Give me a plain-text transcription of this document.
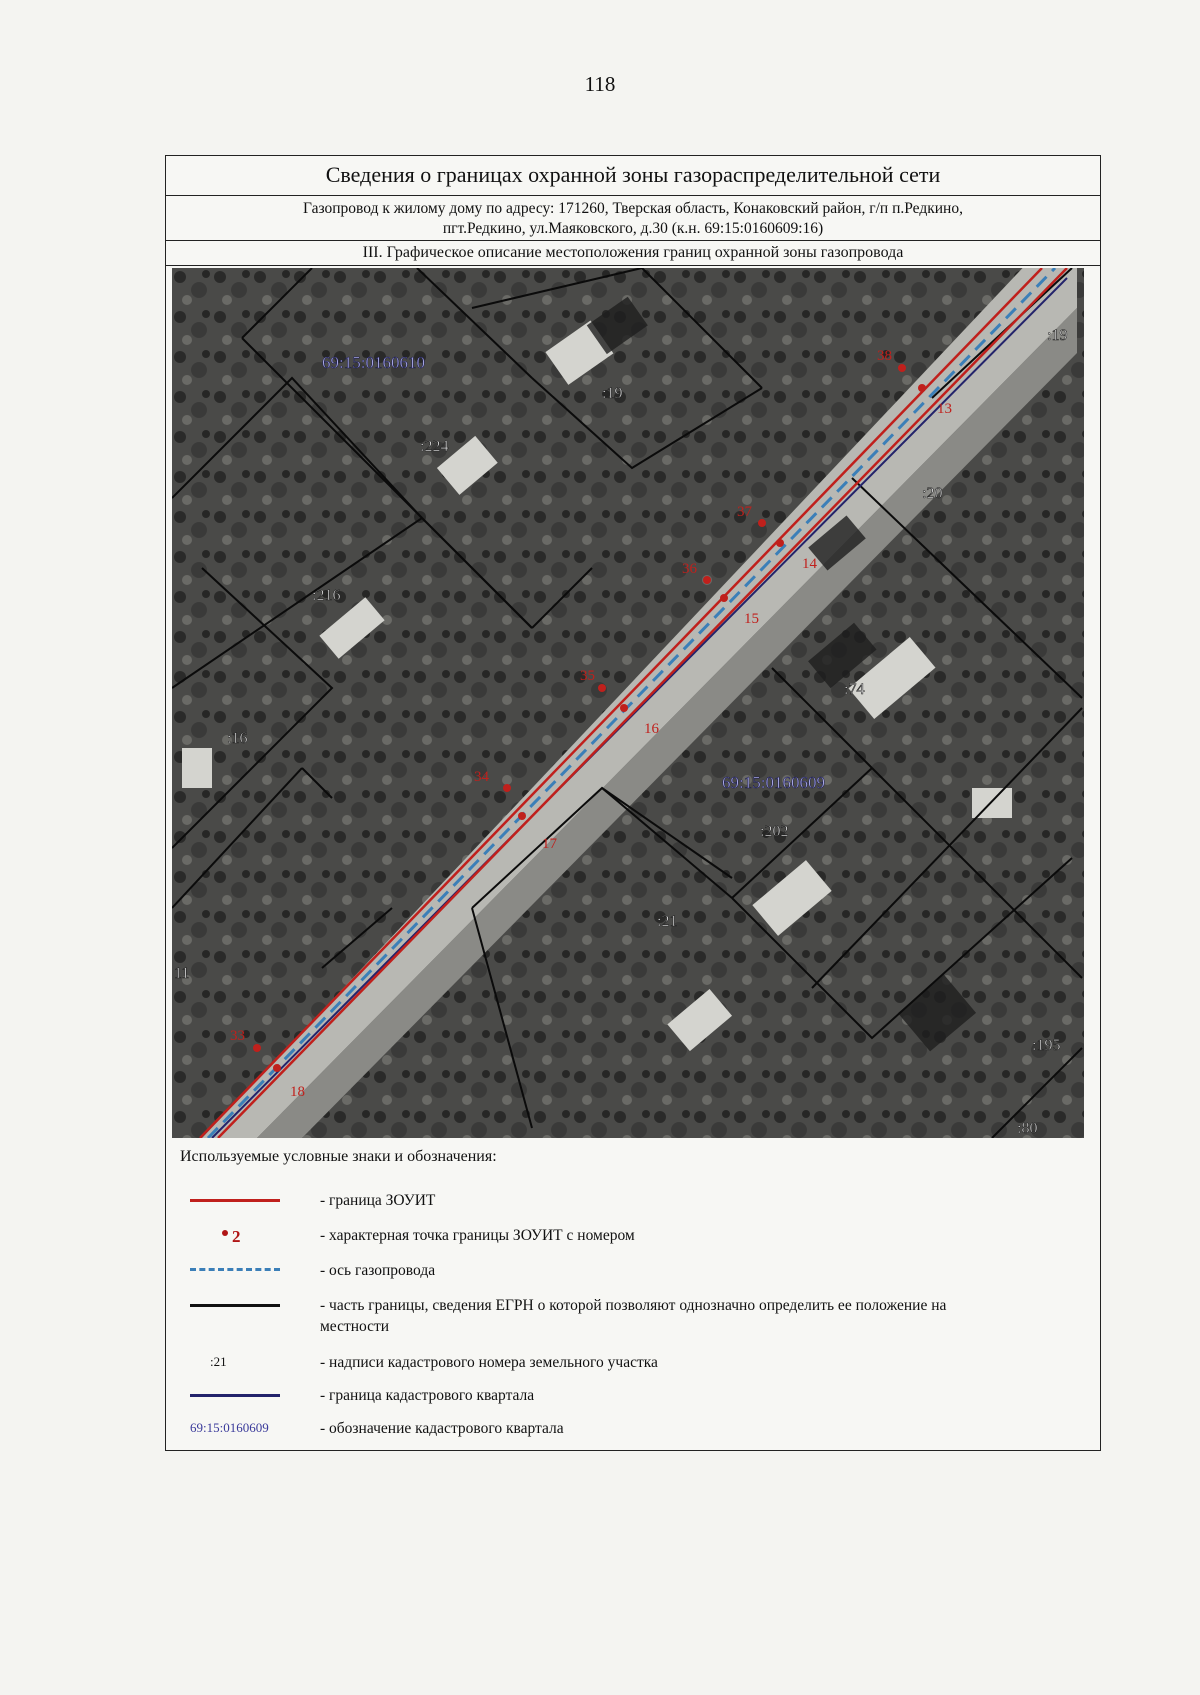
118
Сведения о границах охранной зоны газораспределительной сети
Газопровод к жилому дому по адресу: 171260, Тверская область, Конаковский район, г/п п.Редкино,
пгт.Редкино, ул.Маяковского, д.30 (к.н. 69:15:0160609:16)
III. Графическое описание местоположения границ охранной зоны газопровода
38
13
37
14
36
15
35
16
34
17
33
18
:19
:19
:224
:20
:216
:74
:16
:202
:21
11
:195
:80
69:15:0160610
69:15:0160609
Используемые условные знаки и обозначения:
- граница ЗОУИТ
2	- характерная точка границы ЗОУИТ с номером
- ось газопровода
- часть границы, сведения ЕГРН о которой позволяют однозначно определить ее положение на местности
:21	- надписи кадастрового номера земельного участка
- граница кадастрового квартала
69:15:0160609	- обозначение кадастрового квартала
